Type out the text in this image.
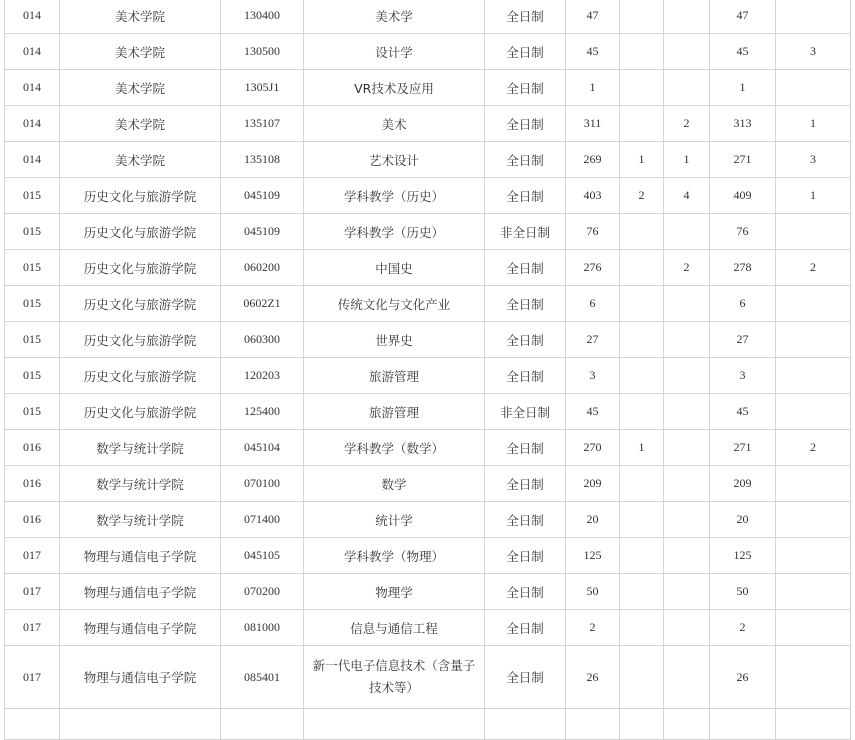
014	美术学院	130400	美术学	全日制	47			47	
014	美术学院	130500	设计学	全日制	45			45	3
014	美术学院	1305J1	VR技术及应用	全日制	1			1	
014	美术学院	135107	美术	全日制	311		2	313	1
014	美术学院	135108	艺术设计	全日制	269	1	1	271	3
015	历史文化与旅游学院	045109	学科教学（历史）	全日制	403	2	4	409	1
015	历史文化与旅游学院	045109	学科教学（历史）	非全日制	76			76	
015	历史文化与旅游学院	060200	中国史	全日制	276		2	278	2
015	历史文化与旅游学院	0602Z1	传统文化与文化产业	全日制	6			6	
015	历史文化与旅游学院	060300	世界史	全日制	27			27	
015	历史文化与旅游学院	120203	旅游管理	全日制	3			3	
015	历史文化与旅游学院	125400	旅游管理	非全日制	45			45	
016	数学与统计学院	045104	学科教学（数学）	全日制	270	1		271	2
016	数学与统计学院	070100	数学	全日制	209			209	
016	数学与统计学院	071400	统计学	全日制	20			20	
017	物理与通信电子学院	045105	学科教学（物理）	全日制	125			125	
017	物理与通信电子学院	070200	物理学	全日制	50			50	
017	物理与通信电子学院	081000	信息与通信工程	全日制	2			2	
017	物理与通信电子学院	085401	新一代电子信息技术（含量子技术等）	全日制	26			26	
